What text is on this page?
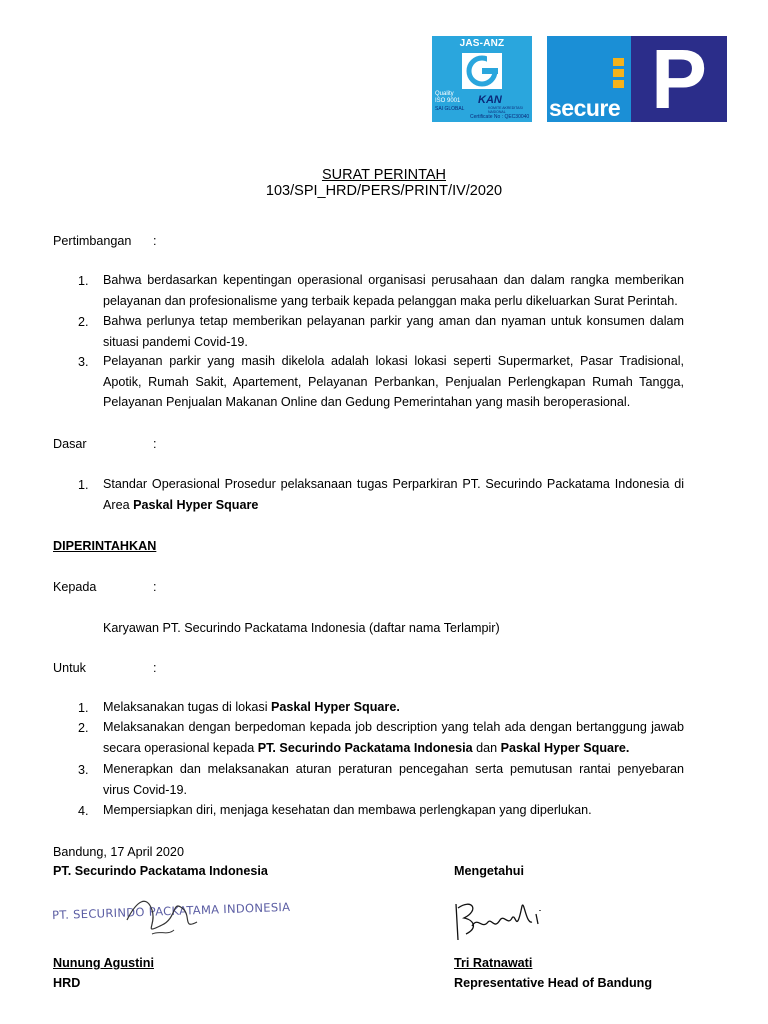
JAS-ANZ
Quality
ISO 9001
SAI GLOBAL
KAN
KOMITE AKREDITASI NASIONAL
Certificate No : QEC30040 secure P
SURAT PERINTAH
103/SPI_HRD/PERS/PRINT/IV/2020
Pertimbangan :
1. Bahwa berdasarkan kepentingan operasional organisasi perusahaan dan dalam rangka memberikan pelayanan dan profesionalisme yang terbaik kepada pelanggan maka perlu dikeluarkan Surat Perintah.
2. Bahwa perlunya tetap memberikan pelayanan parkir yang aman dan nyaman untuk konsumen dalam situasi pandemi Covid-19.
3. Pelayanan parkir yang masih dikelola adalah lokasi lokasi seperti Supermarket, Pasar Tradisional, Apotik, Rumah Sakit, Apartement, Pelayanan Perbankan, Penjualan Perlengkapan Rumah Tangga, Pelayanan Penjualan Makanan Online dan Gedung Pemerintahan yang masih beroperasional.
Dasar	:
1. Standar Operasional Prosedur pelaksanaan tugas Perparkiran PT. Securindo Packatama Indonesia di Area Paskal Hyper Square
DIPERINTAHKAN
Kepada	:
Karyawan PT. Securindo Packatama Indonesia (daftar nama Terlampir)
Untuk	:
1. Melaksanakan tugas di lokasi Paskal Hyper Square.
2. Melaksanakan dengan berpedoman kepada job description yang telah ada dengan bertanggung jawab secara operasional kepada PT. Securindo Packatama Indonesia dan Paskal Hyper Square.
3. Menerapkan dan melaksanakan aturan peraturan pencegahan serta pemutusan rantai penyebaran virus Covid-19.
4. Mempersiapkan diri, menjaga kesehatan dan membawa perlengkapan yang diperlukan.
Bandung, 17 April 2020
PT. Securindo Packatama Indonesia	Mengetahui
PT. SECURINDO PACKATAMA INDONESIA
Nunung Agustini
HRD
Tri Ratnawati
Representative Head of Bandung
